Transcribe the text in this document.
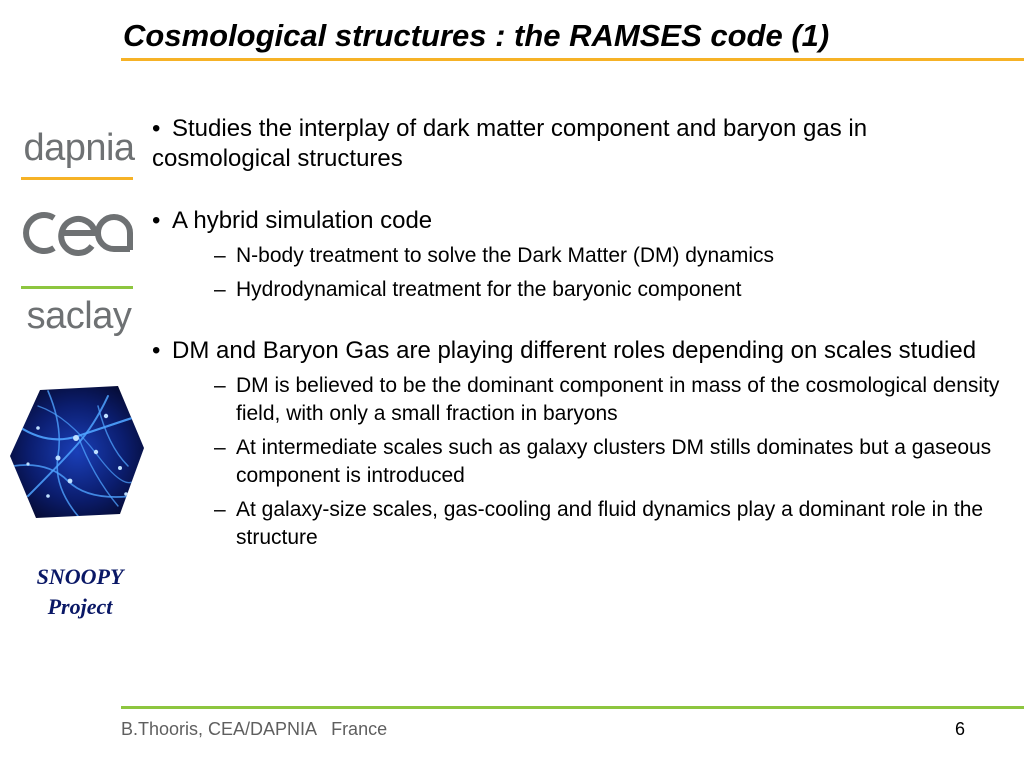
Cosmological structures : the RAMSES code (1)
dapnia
saclay
SNOOPY
Project

• Studies the interplay of dark matter component and baryon gas in cosmological structures

• A hybrid simulation code

– N-body treatment to solve the Dark Matter (DM) dynamics

– Hydrodynamical treatment for the baryonic component

• DM and Baryon Gas are playing different roles depending on scales studied

– DM is believed to be the dominant component in mass of the cosmological density field, with only a small fraction in baryons

– At intermediate scales such as galaxy clusters DM stills dominates but a gaseous component is introduced

– At galaxy-size scales, gas-cooling and fluid dynamics play a dominant role in the structure

B.Thooris, CEA/DAPNIA   France	6
